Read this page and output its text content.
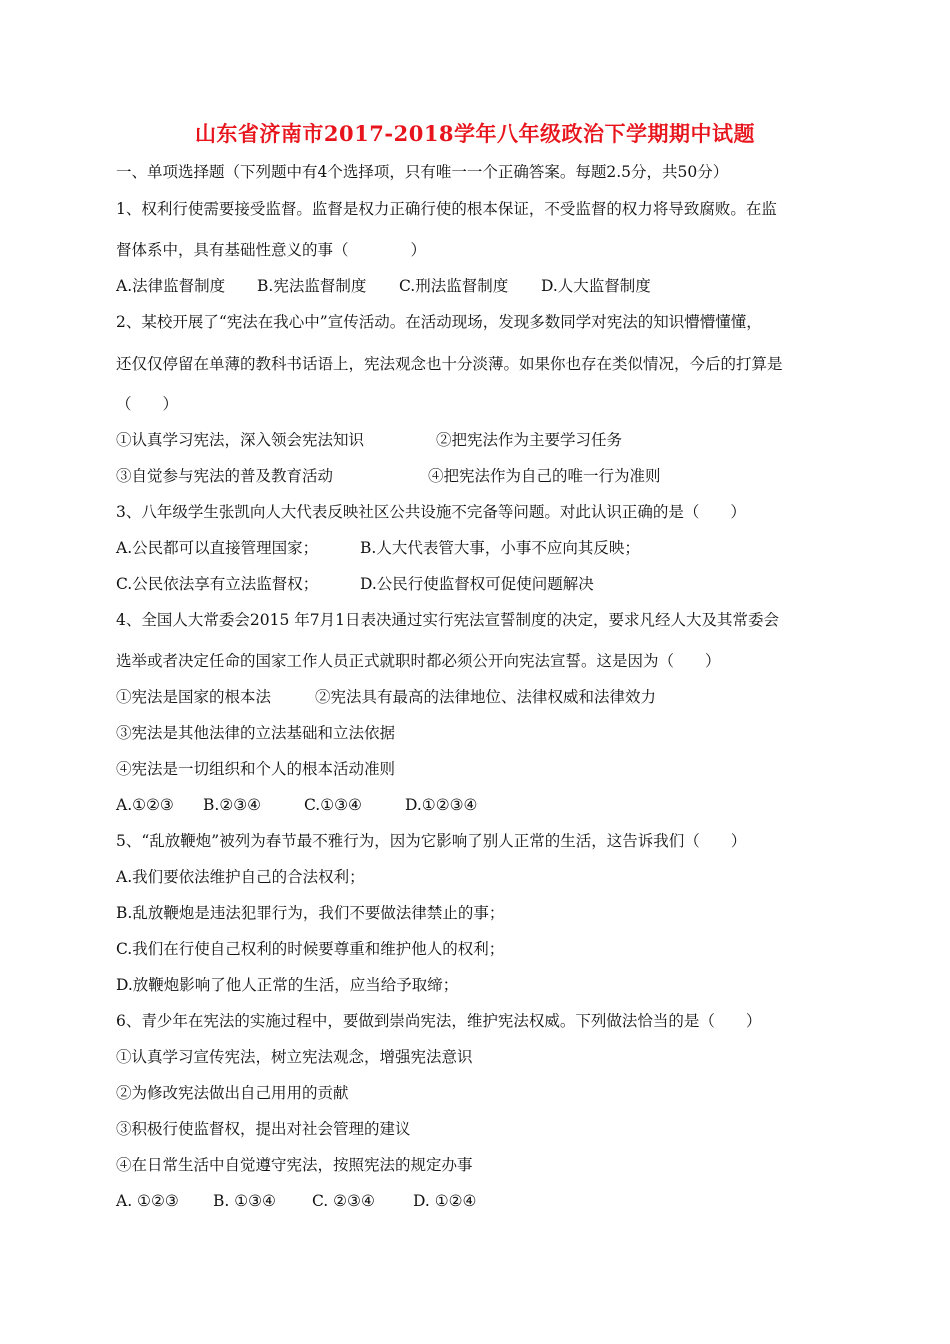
山东省济南市2017-2018学年八年级政治下学期期中试题
一、单项选择题（下列题中有4个选择项，只有唯一一个正确答案。每题2.5分，共50分）
1、权利行使需要接受监督。监督是权力正确行使的根本保证，不受监督的权力将导致腐败。在监
督体系中，具有基础性意义的事（　　　　）
A.法律监督制度 B.宪法监督制度 C.刑法监督制度 D.人大监督制度
2、某校开展了“宪法在我心中”宣传活动。在活动现场，发现多数同学对宪法的知识懵懵懂懂，
还仅仅停留在单薄的教科书话语上，宪法观念也十分淡薄。如果你也存在类似情况，今后的打算是
（　　）
①认真学习宪法，深入领会宪法知识	②把宪法作为主要学习任务
③自觉参与宪法的普及教育活动	④把宪法作为自己的唯一行为准则
3、八年级学生张凯向人大代表反映社区公共设施不完备等问题。对此认识正确的是（　　）
A.公民都可以直接管理国家；	B.人大代表管大事，小事不应向其反映；
C.公民依法享有立法监督权；	D.公民行使监督权可促使问题解决
4、全国人大常委会2015 年7月1日表决通过实行宪法宣誓制度的决定，要求凡经人大及其常委会
选举或者决定任命的国家工作人员正式就职时都必须公开向宪法宣誓。这是因为（　　）
①宪法是国家的根本法	②宪法具有最高的法律地位、法律权威和法律效力
③宪法是其他法律的立法基础和立法依据
④宪法是一切组织和个人的根本活动准则
A.①②③ B.②③④	C.①③④	D.①②③④
5、“乱放鞭炮”被列为春节最不雅行为，因为它影响了别人正常的生活，这告诉我们（　　）
A.我们要依法维护自己的合法权利；
B.乱放鞭炮是违法犯罪行为，我们不要做法律禁止的事；
C.我们在行使自己权利的时候要尊重和维护他人的权利；
D.放鞭炮影响了他人正常的生活，应当给予取缔；
6、青少年在宪法的实施过程中，要做到崇尚宪法，维护宪法权威。下列做法恰当的是（　　）
①认真学习宣传宪法，树立宪法观念，增强宪法意识
②为修改宪法做出自己用用的贡献
③积极行使监督权，提出对社会管理的建议
④在日常生活中自觉遵守宪法，按照宪法的规定办事
A. ①②③ B. ①③④ C. ②③④ D. ①②④
